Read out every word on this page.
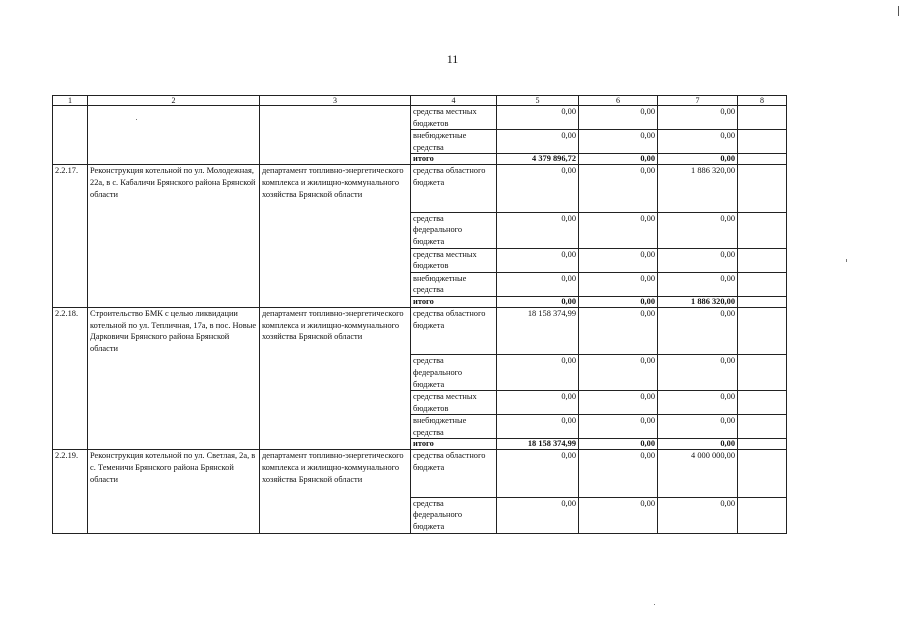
11
1	2	3	4	5	6	7	8
			средства местных бюджетов	0,00	0,00	0,00	
			внебюджетные средства	0,00	0,00	0,00	
			итого	4 379 896,72	0,00	0,00	
2.2.17.	Реконструкция котельной по ул. Молодежная, 22а, в с. Кабаличи Брянского района Брянской области	департамент топливно-энергетического комплекса и жилищно-коммунального хозяйства Брянской области	средства областного бюджета	0,00	0,00	1 886 320,00	
			средства федерального бюджета	0,00	0,00	0,00	
			средства местных бюджетов	0,00	0,00	0,00	
			внебюджетные средства	0,00	0,00	0,00	
			итого	0,00	0,00	1 886 320,00	
2.2.18.	Строительство БМК с целью ликвидации котельной по ул. Тепличная, 17а, в пос. Новые Дарковичи Брянского района Брянской области	департамент топливно-энергетического комплекса и жилищно-коммунального хозяйства Брянской области	средства областного бюджета	18 158 374,99	0,00	0,00	
			средства федерального бюджета	0,00	0,00	0,00	
			средства местных бюджетов	0,00	0,00	0,00	
			внебюджетные средства	0,00	0,00	0,00	
			итого	18 158 374,99	0,00	0,00	
2.2.19.	Реконструкция котельной по ул. Светлая, 2а, в с. Теменичи Брянского района Брянской области	департамент топливно-энергетического комплекса и жилищно-коммунального хозяйства Брянской области	средства областного бюджета	0,00	0,00	4 000 000,00	
			средства федерального бюджета	0,00	0,00	0,00	
